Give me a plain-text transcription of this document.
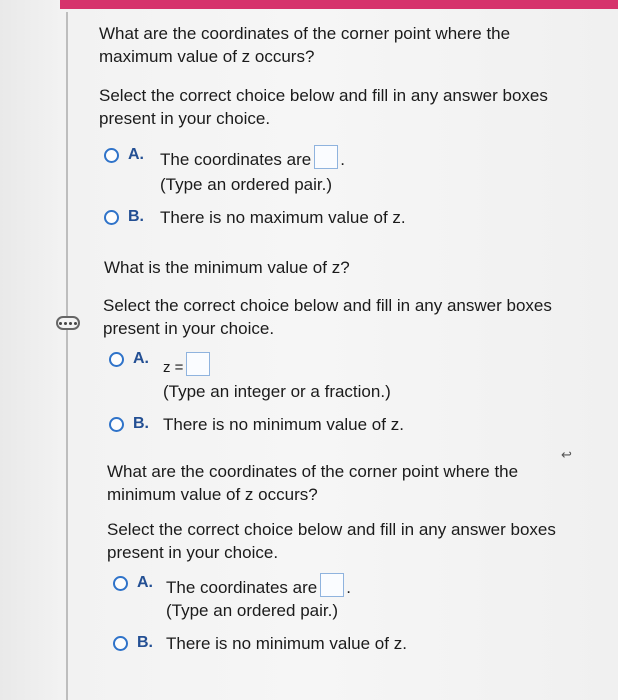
What are the coordinates of the corner point where the
maximum value of z occurs?
Select the correct choice below and fill in any answer boxes
present in your choice.
A. The coordinates are .
(Type an ordered pair.)
B. There is no maximum value of z.
What is the minimum value of z?
Select the correct choice below and fill in any answer boxes
present in your choice.
A.
z =
(Type an integer or a fraction.)
B. There is no minimum value of z.
What are the coordinates of the corner point where the
minimum value of z occurs?
Select the correct choice below and fill in any answer boxes
present in your choice.
A. The coordinates are .
(Type an ordered pair.)
B. There is no minimum value of z.
↩
